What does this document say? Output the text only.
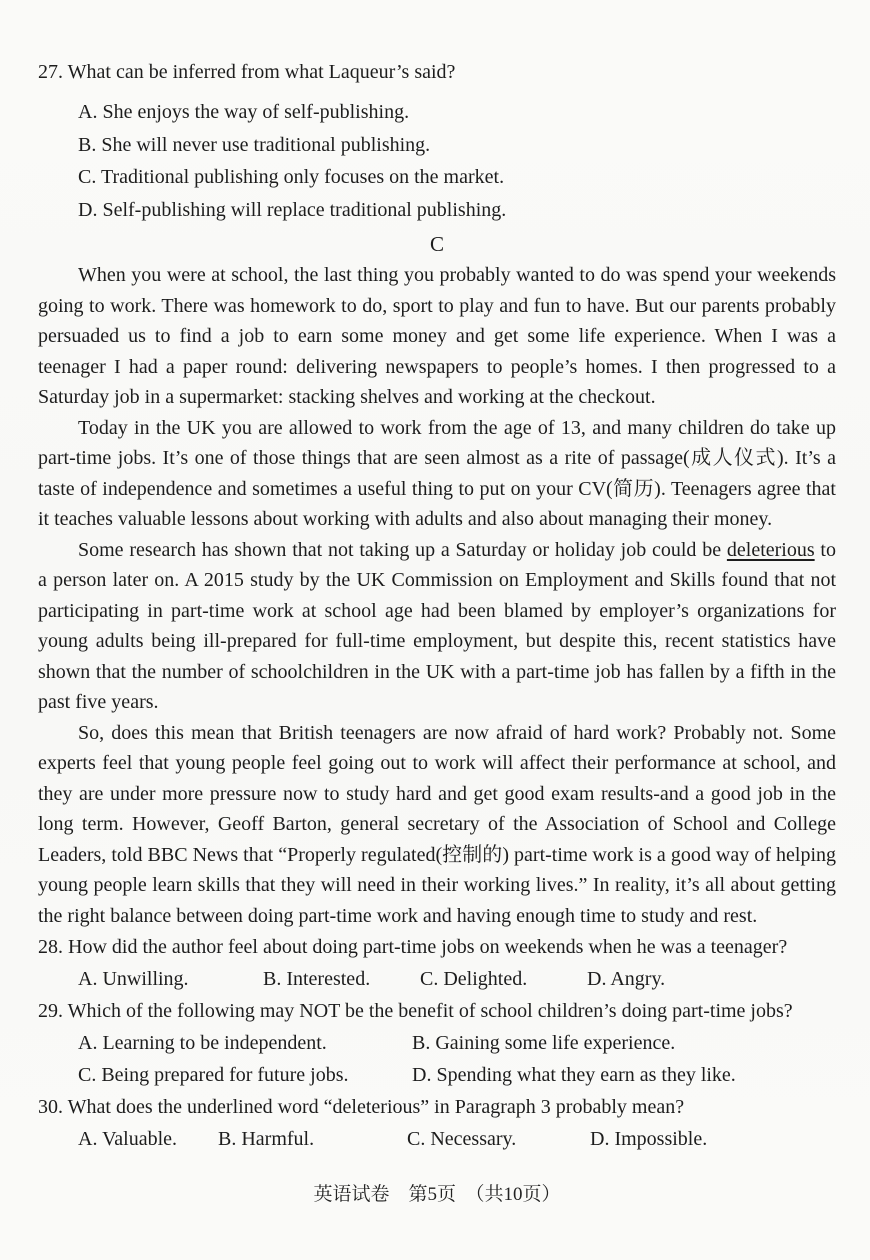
27. What can be inferred from what Laqueur’s said?
A. She enjoys the way of self-publishing.
B. She will never use traditional publishing.
C. Traditional publishing only focuses on the market.
D. Self-publishing will replace traditional publishing.
C

When you were at school, the last thing you probably wanted to do was spend your weekends going to work. There was homework to do, sport to play and fun to have. But our parents probably persuaded us to find a job to earn some money and get some life experience. When I was a teenager I had a paper round: delivering newspapers to people’s homes. I then progressed to a Saturday job in a supermarket: stacking shelves and working at the checkout.

Today in the UK you are allowed to work from the age of 13, and many children do take up part-time jobs. It’s one of those things that are seen almost as a rite of passage(成人仪式). It’s a taste of independence and sometimes a useful thing to put on your CV(简历). Teenagers agree that it teaches valuable lessons about working with adults and also about managing their money.

Some research has shown that not taking up a Saturday or holiday job could be deleterious to a person later on. A 2015 study by the UK Commission on Employment and Skills found that not participating in part-time work at school age had been blamed by employer’s organizations for young adults being ill-prepared for full-time employment, but despite this, recent statistics have shown that the number of schoolchildren in the UK with a part-time job has fallen by a fifth in the past five years.

So, does this mean that British teenagers are now afraid of hard work? Probably not. Some experts feel that young people feel going out to work will affect their performance at school, and they are under more pressure now to study hard and get good exam results-and a good job in the long term. However, Geoff Barton, general secretary of the Association of School and College Leaders, told BBC News that “Properly regulated(控制的) part-time work is a good way of helping young people learn skills that they will need in their working lives.” In reality, it’s all about getting the right balance between doing part-time work and having enough time to study and rest.

28. How did the author feel about doing part-time jobs on weekends when he was a teenager?
A. Unwilling.	B. Interested.	C. Delighted.	D. Angry.
29. Which of the following may NOT be the benefit of school children’s doing part-time jobs?
A. Learning to be independent.	B. Gaining some life experience.
C. Being prepared for future jobs.	D. Spending what they earn as they like.
30. What does the underlined word “deleterious” in Paragraph 3 probably mean?
A. Valuable.	B. Harmful.	C. Necessary.	D. Impossible.
英语试卷　第5页　（共10页）
